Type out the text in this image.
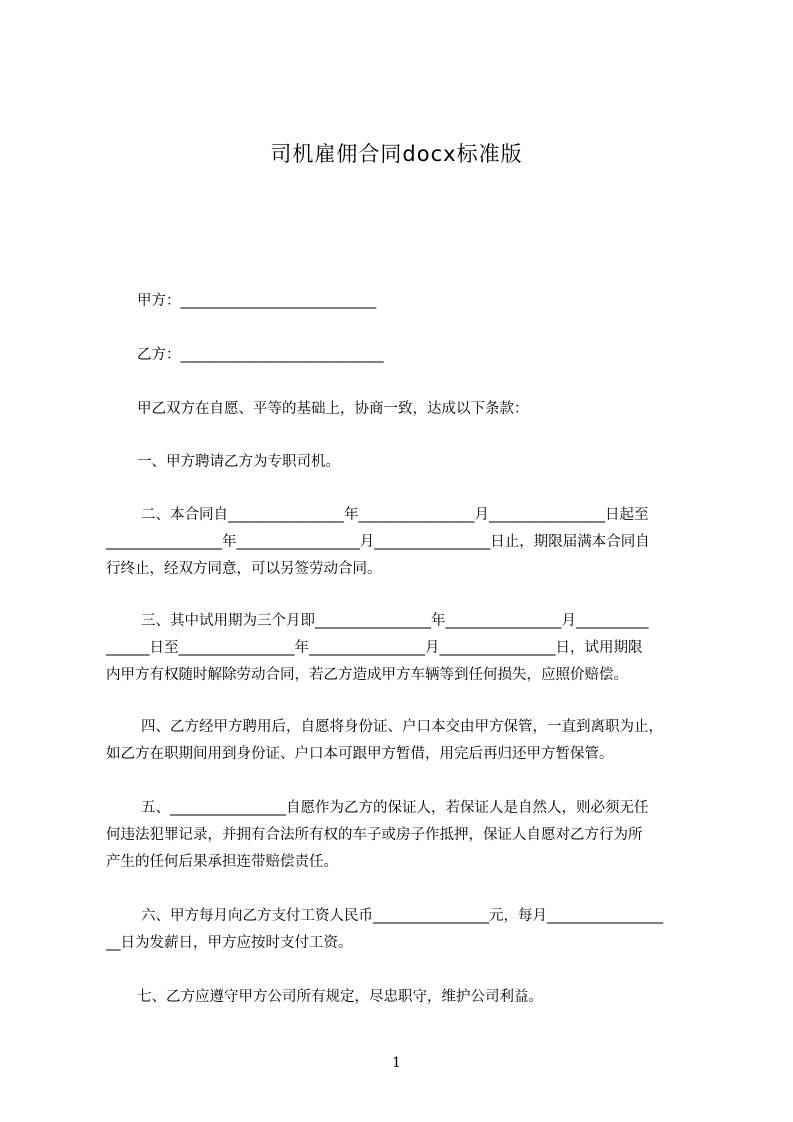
司机雇佣合同docx标准版
甲方：___________________________
乙方：____________________________
甲乙双方在自愿、平等的基础上，协商一致，达成以下条款：
一、甲方聘请乙方为专职司机。
二、本合同自________________年________________月________________日起至
________________年_________________月________________日止，期限届满本合同自
行终止，经双方同意，可以另签劳动合同。
三、其中试用期为三个月即________________年________________月__________
______日至________________年________________月________________日，试用期限
内甲方有权随时解除劳动合同，若乙方造成甲方车辆等到任何损失，应照价赔偿。
四、乙方经甲方聘用后，自愿将身份证、户口本交由甲方保管，一直到离职为止，
如乙方在职期间用到身份证、户口本可跟甲方暂借，用完后再归还甲方暂保管。
五、________________自愿作为乙方的保证人，若保证人是自然人，则必须无任
何违法犯罪记录，并拥有合法所有权的车子或房子作抵押，保证人自愿对乙方行为所
产生的任何后果承担连带赔偿责任。
六、甲方每月向乙方支付工资人民币________________元，每月________________
__日为发薪日，甲方应按时支付工资。
七、乙方应遵守甲方公司所有规定，尽忠职守，维护公司利益。
1
